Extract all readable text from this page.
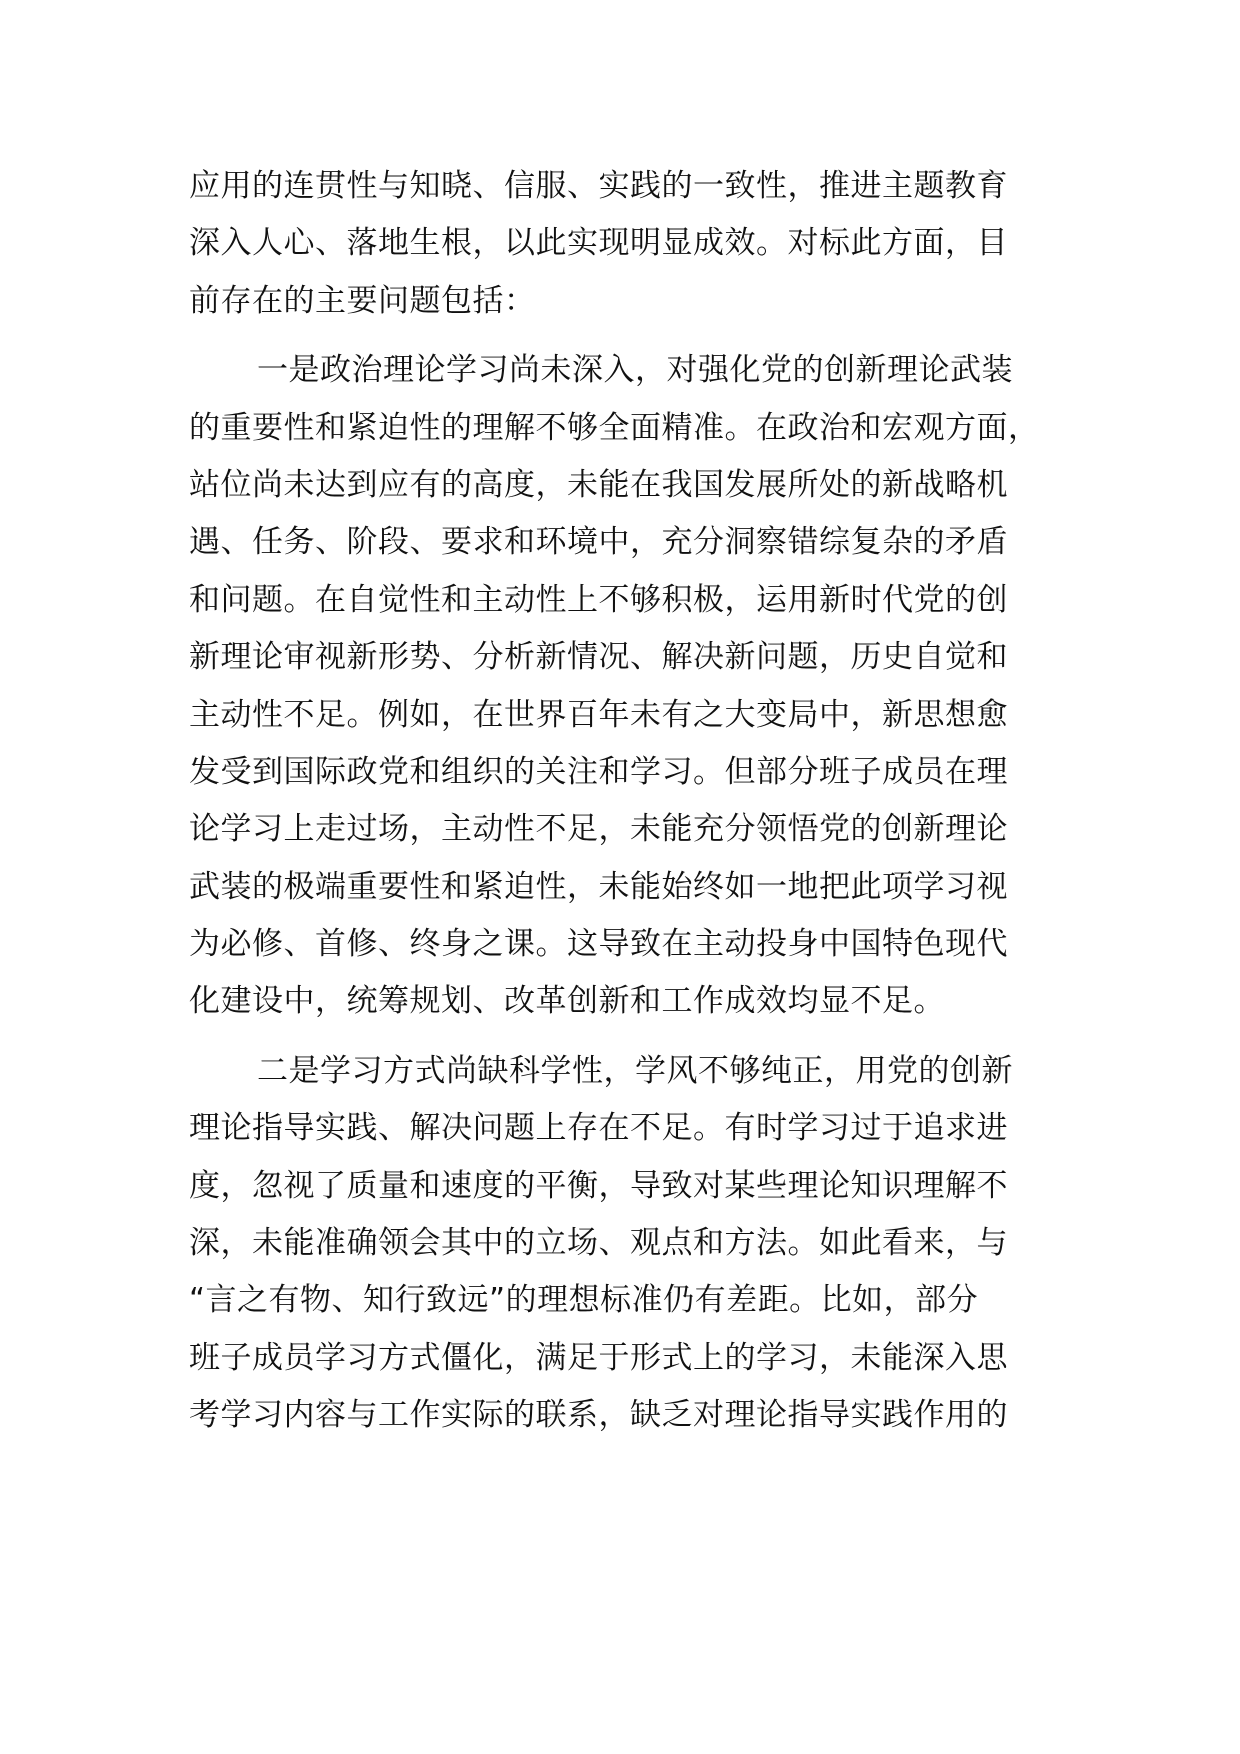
应用的连贯性与知晓、信服、实践的一致性，推进主题教育
深入人心、落地生根，以此实现明显成效。对标此方面，目
前存在的主要问题包括：

一是政治理论学习尚未深入，对强化党的创新理论武装
的重要性和紧迫性的理解不够全面精准。在政治和宏观方面，
站位尚未达到应有的高度，未能在我国发展所处的新战略机
遇、任务、阶段、要求和环境中，充分洞察错综复杂的矛盾
和问题。在自觉性和主动性上不够积极，运用新时代党的创
新理论审视新形势、分析新情况、解决新问题，历史自觉和
主动性不足。例如，在世界百年未有之大变局中，新思想愈
发受到国际政党和组织的关注和学习。但部分班子成员在理
论学习上走过场，主动性不足，未能充分领悟党的创新理论
武装的极端重要性和紧迫性，未能始终如一地把此项学习视
为必修、首修、终身之课。这导致在主动投身中国特色现代
化建设中，统筹规划、改革创新和工作成效均显不足。

二是学习方式尚缺科学性，学风不够纯正，用党的创新
理论指导实践、解决问题上存在不足。有时学习过于追求进
度，忽视了质量和速度的平衡，导致对某些理论知识理解不
深，未能准确领会其中的立场、观点和方法。如此看来，与
“言之有物、知行致远”的理想标准仍有差距。比如，部分
班子成员学习方式僵化，满足于形式上的学习，未能深入思
考学习内容与工作实际的联系，缺乏对理论指导实践作用的
